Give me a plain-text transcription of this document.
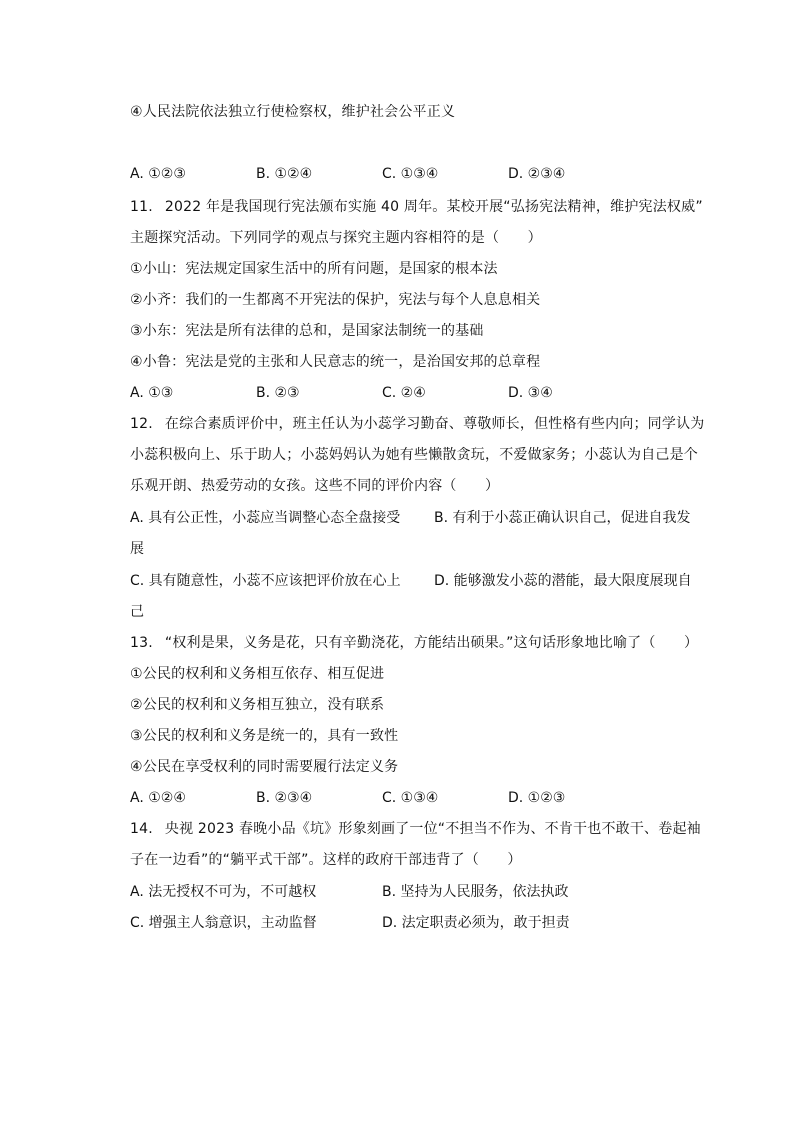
④人民法院依法独立行使检察权，维护社会公平正义
A. ①②③	B. ①②④	C. ①③④	D. ②③④
11. 2022 年是我国现行宪法颁布实施 40 周年。某校开展“弘扬宪法精神，维护宪法权威”
主题探究活动。下列同学的观点与探究主题内容相符的是（　　）
①小山：宪法规定国家生活中的所有问题，是国家的根本法
②小齐：我们的一生都离不开宪法的保护，宪法与每个人息息相关
③小东：宪法是所有法律的总和，是国家法制统一的基础
④小鲁：宪法是党的主张和人民意志的统一，是治国安邦的总章程
A. ①③	B. ②③	C. ②④	D. ③④
12. 在综合素质评价中，班主任认为小蕊学习勤奋、尊敬师长，但性格有些内向；同学认为
小蕊积极向上、乐于助人；小蕊妈妈认为她有些懒散贪玩，不爱做家务；小蕊认为自己是个
乐观开朗、热爱劳动的女孩。这些不同的评价内容（　　）
A. 具有公正性，小蕊应当调整心态全盘接受 B. 有利于小蕊正确认识自己，促进自我发
展
C. 具有随意性，小蕊不应该把评价放在心上 D. 能够激发小蕊的潜能，最大限度展现自
己
13. “权利是果，义务是花，只有辛勤浇花，方能结出硕果。”这句话形象地比喻了（　　）
①公民的权利和义务相互依存、相互促进
②公民的权利和义务相互独立，没有联系
③公民的权利和义务是统一的，具有一致性
④公民在享受权利的同时需要履行法定义务
A. ①②④	B. ②③④	C. ①③④	D. ①②③
14. 央视 2023 春晚小品《坑》形象刻画了一位“不担当不作为、不肯干也不敢干、卷起袖
子在一边看”的“躺平式干部”。这样的政府干部违背了（　　）
A. 法无授权不可为，不可越权	B. 坚持为人民服务，依法执政
C. 增强主人翁意识，主动监督	D. 法定职责必须为，敢于担责
